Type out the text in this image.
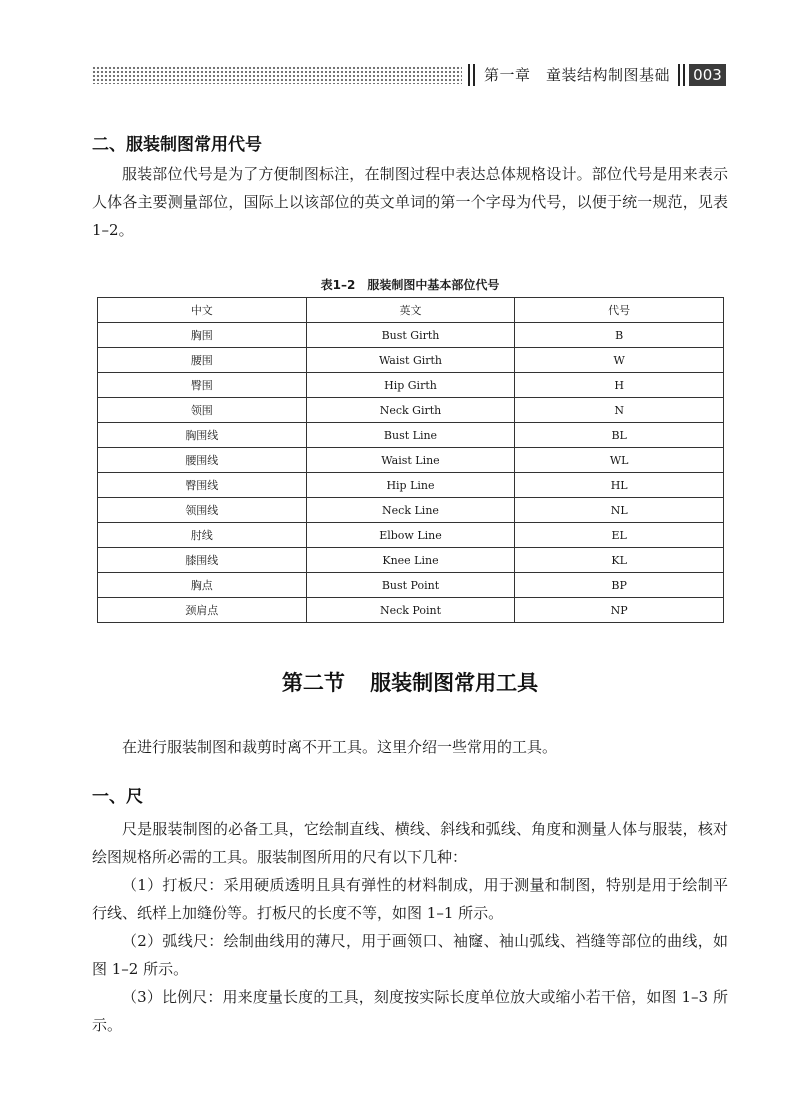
第一章　童装结构制图基础 003
二、服装制图常用代号
服装部位代号是为了方便制图标注，在制图过程中表达总体规格设计。部位代号是用来表示人体各主要测量部位，国际上以该部位的英文单词的第一个字母为代号，以便于统一规范，见表 1–2。
表1–2　服装制图中基本部位代号
中文	英文	代号
胸围	Bust Girth	B
腰围	Waist Girth	W
臀围	Hip Girth	H
领围	Neck Girth	N
胸围线	Bust Line	BL
腰围线	Waist Line	WL
臀围线	Hip Line	HL
领围线	Neck Line	NL
肘线	Elbow Line	EL
膝围线	Knee Line	KL
胸点	Bust Point	BP
颈肩点	Neck Point	NP
第二节 服装制图常用工具
在进行服装制图和裁剪时离不开工具。这里介绍一些常用的工具。
一、尺
尺是服装制图的必备工具，它绘制直线、横线、斜线和弧线、角度和测量人体与服装，核对绘图规格所必需的工具。服装制图所用的尺有以下几种：
（1）打板尺：采用硬质透明且具有弹性的材料制成，用于测量和制图，特别是用于绘制平行线、纸样上加缝份等。打板尺的长度不等，如图 1–1 所示。
（2）弧线尺：绘制曲线用的薄尺，用于画领口、袖窿、袖山弧线、裆缝等部位的曲线，如图 1–2 所示。
（3）比例尺：用来度量长度的工具，刻度按实际长度单位放大或缩小若干倍，如图 1–3 所示。
